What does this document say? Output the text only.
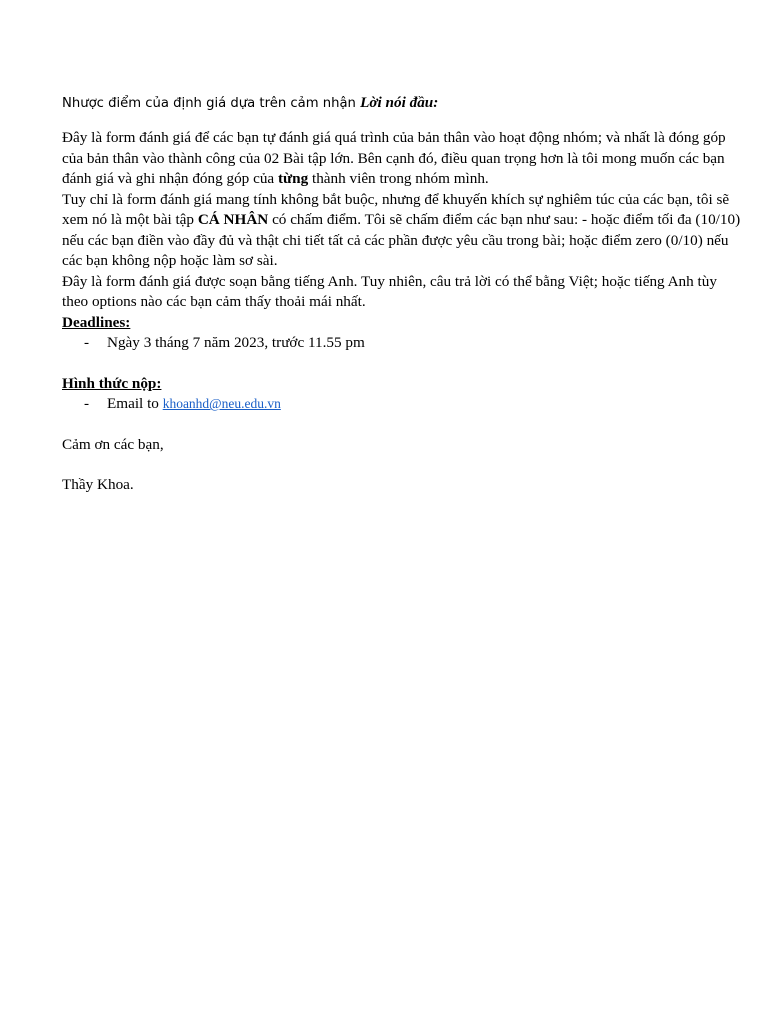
Nhược điểm của định giá dựa trên cảm nhận Lời nói đầu:

Đây là form đánh giá để các bạn tự đánh giá quá trình của bản thân vào hoạt động nhóm; và nhất là đóng góp của bản thân vào thành công của 02 Bài tập lớn. Bên cạnh đó, điều quan trọng hơn là tôi mong muốn các bạn đánh giá và ghi nhận đóng góp của từng thành viên trong nhóm mình.

Tuy chỉ là form đánh giá mang tính không bắt buộc, nhưng để khuyến khích sự nghiêm túc của các bạn, tôi sẽ xem nó là một bài tập CÁ NHÂN có chấm điểm. Tôi sẽ chấm điểm các bạn như sau: - hoặc điểm tối đa (10/10) nếu các bạn điền vào đầy đủ và thật chi tiết tất cả các phần được yêu cầu trong bài; hoặc điểm zero (0/10) nếu các bạn không nộp hoặc làm sơ sài.

Đây là form đánh giá được soạn bằng tiếng Anh. Tuy nhiên, câu trả lời có thể bằng Việt; hoặc tiếng Anh tùy theo options nào các bạn cảm thấy thoải mái nhất.

Deadlines:

-	Ngày 3 tháng 7 năm 2023, trước 11.55 pm

Hình thức nộp:

-	Email to khoanhd@neu.edu.vn

Cảm ơn các bạn,

Thầy Khoa.
